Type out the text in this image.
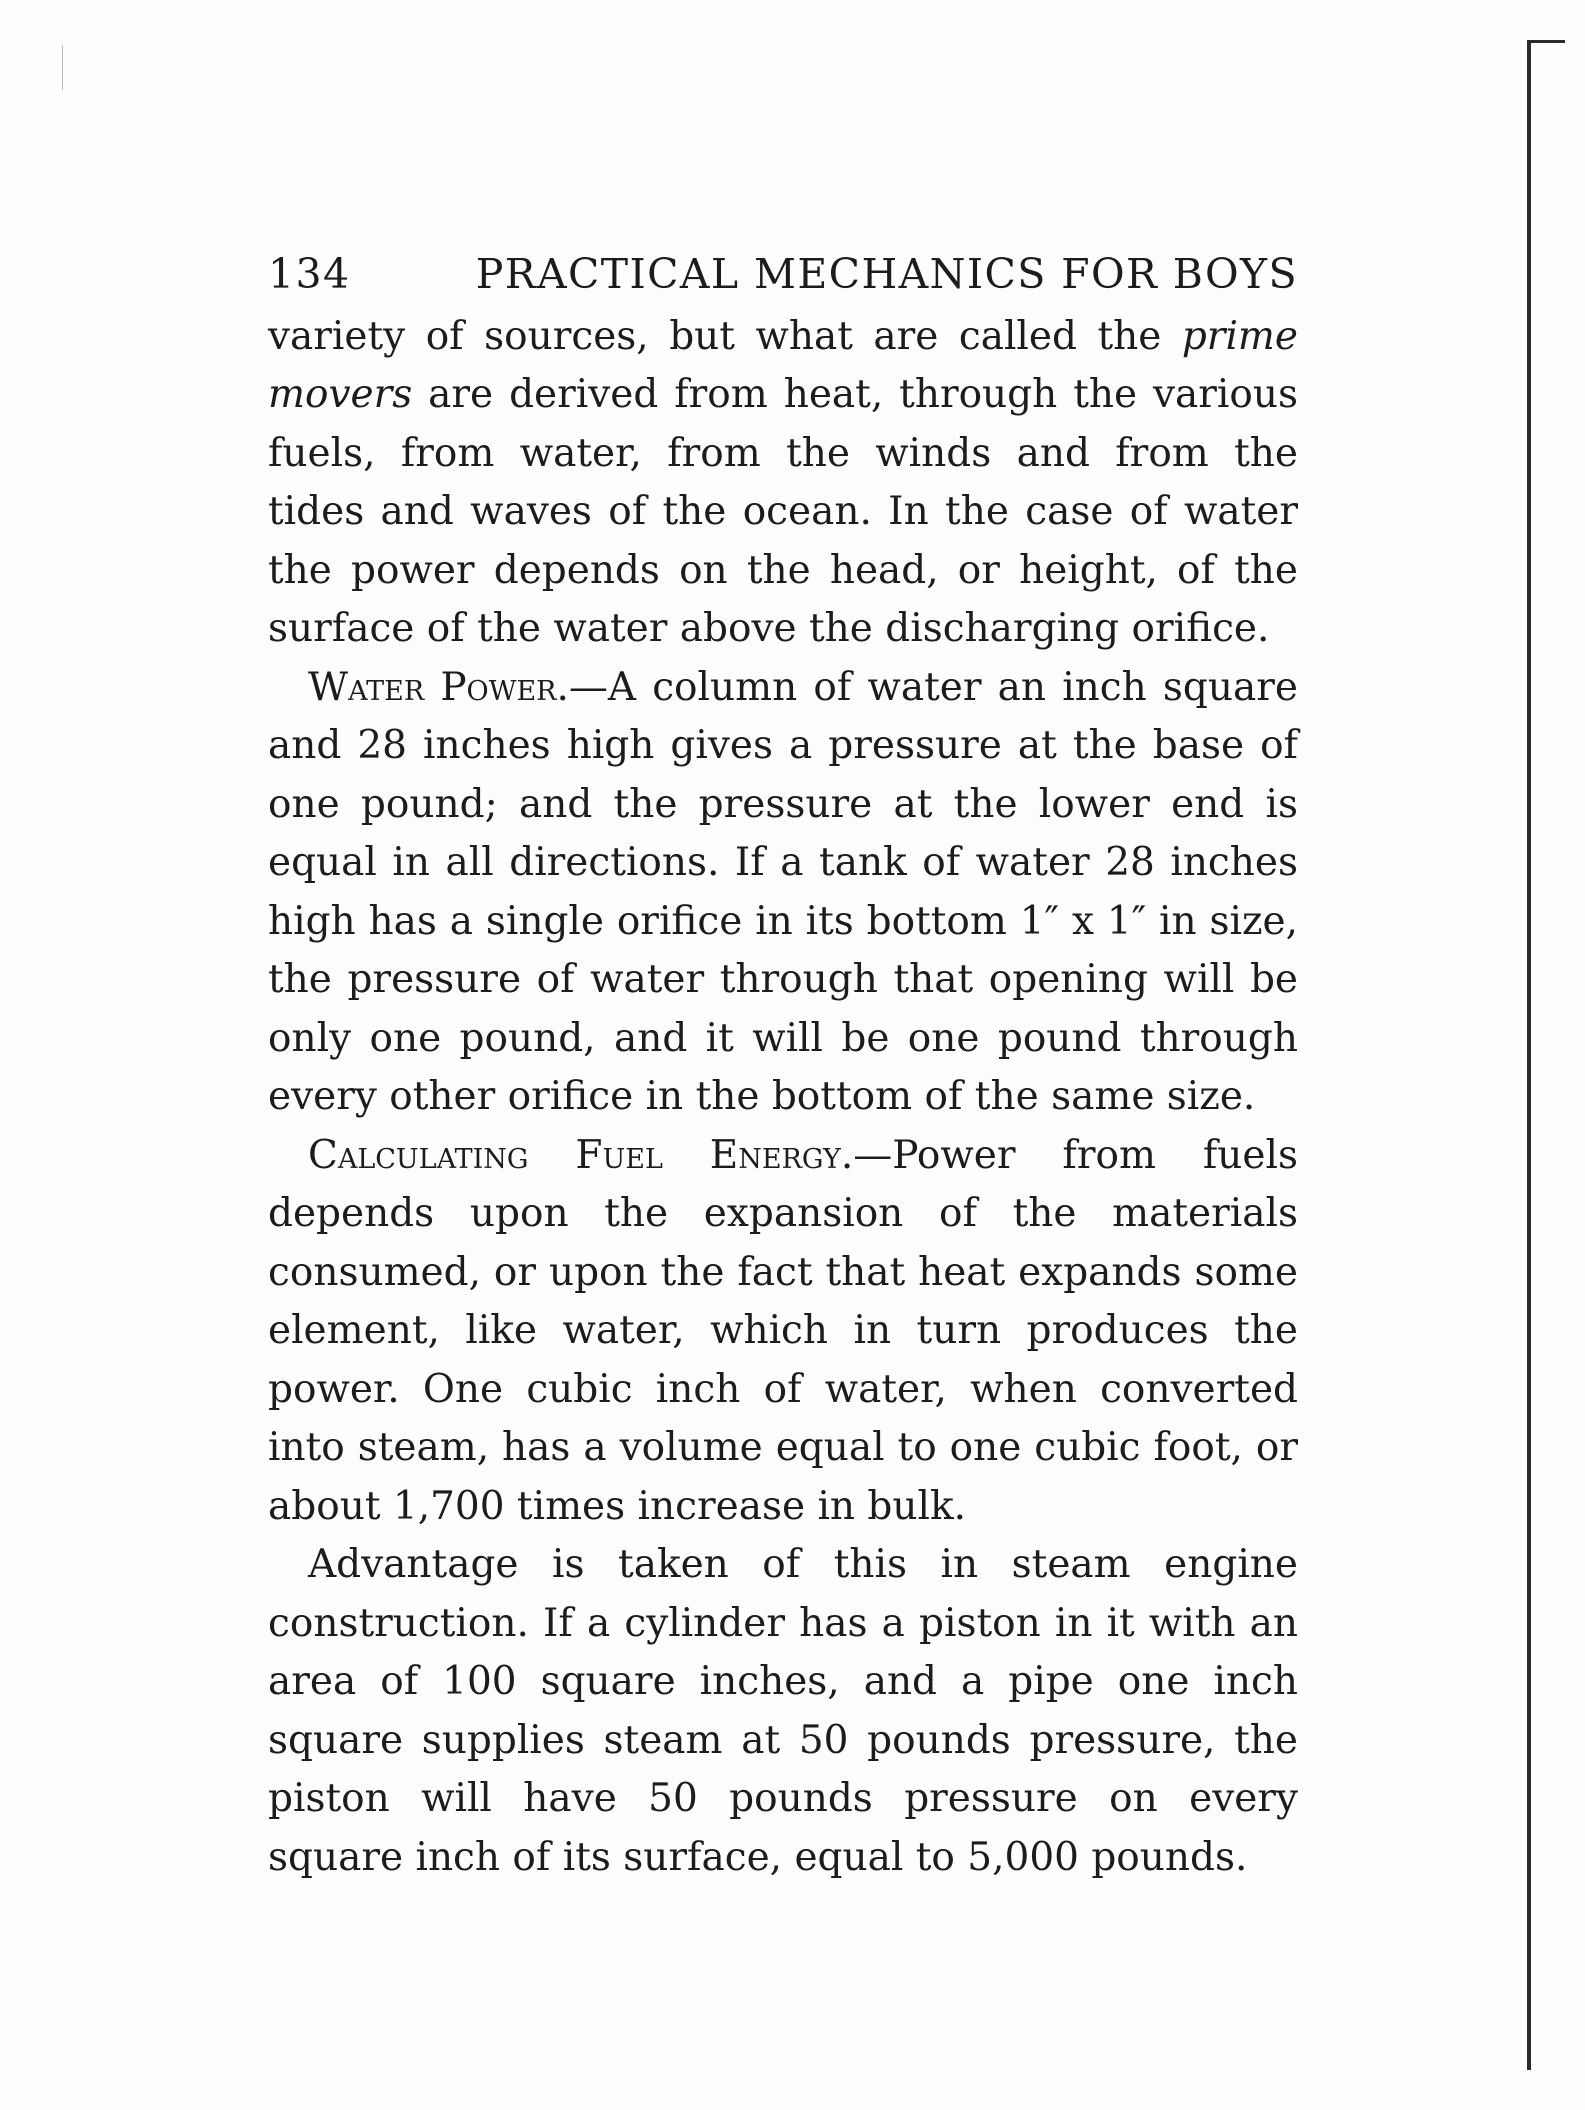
134	PRACTICAL MECHANICS FOR BOYS

variety of sources, but what are called the prime movers are derived from heat, through the various fuels, from water, from the winds and from the tides and waves of the ocean. In the case of water the power depends on the head, or height, of the surface of the water above the discharging orifice.

Water Power.—A column of water an inch square and 28 inches high gives a pressure at the base of one pound; and the pressure at the lower end is equal in all directions. If a tank of water 28 inches high has a single orifice in its bottom 1″ x 1″ in size, the pressure of water through that opening will be only one pound, and it will be one pound through every other orifice in the bottom of the same size.

Calculating Fuel Energy.—Power from fuels depends upon the expansion of the materials consumed, or upon the fact that heat expands some element, like water, which in turn produces the power. One cubic inch of water, when converted into steam, has a volume equal to one cubic foot, or about 1,700 times increase in bulk.

Advantage is taken of this in steam engine construction. If a cylinder has a piston in it with an area of 100 square inches, and a pipe one inch square supplies steam at 50 pounds pressure, the piston will have 50 pounds pressure on every square inch of its surface, equal to 5,000 pounds.
